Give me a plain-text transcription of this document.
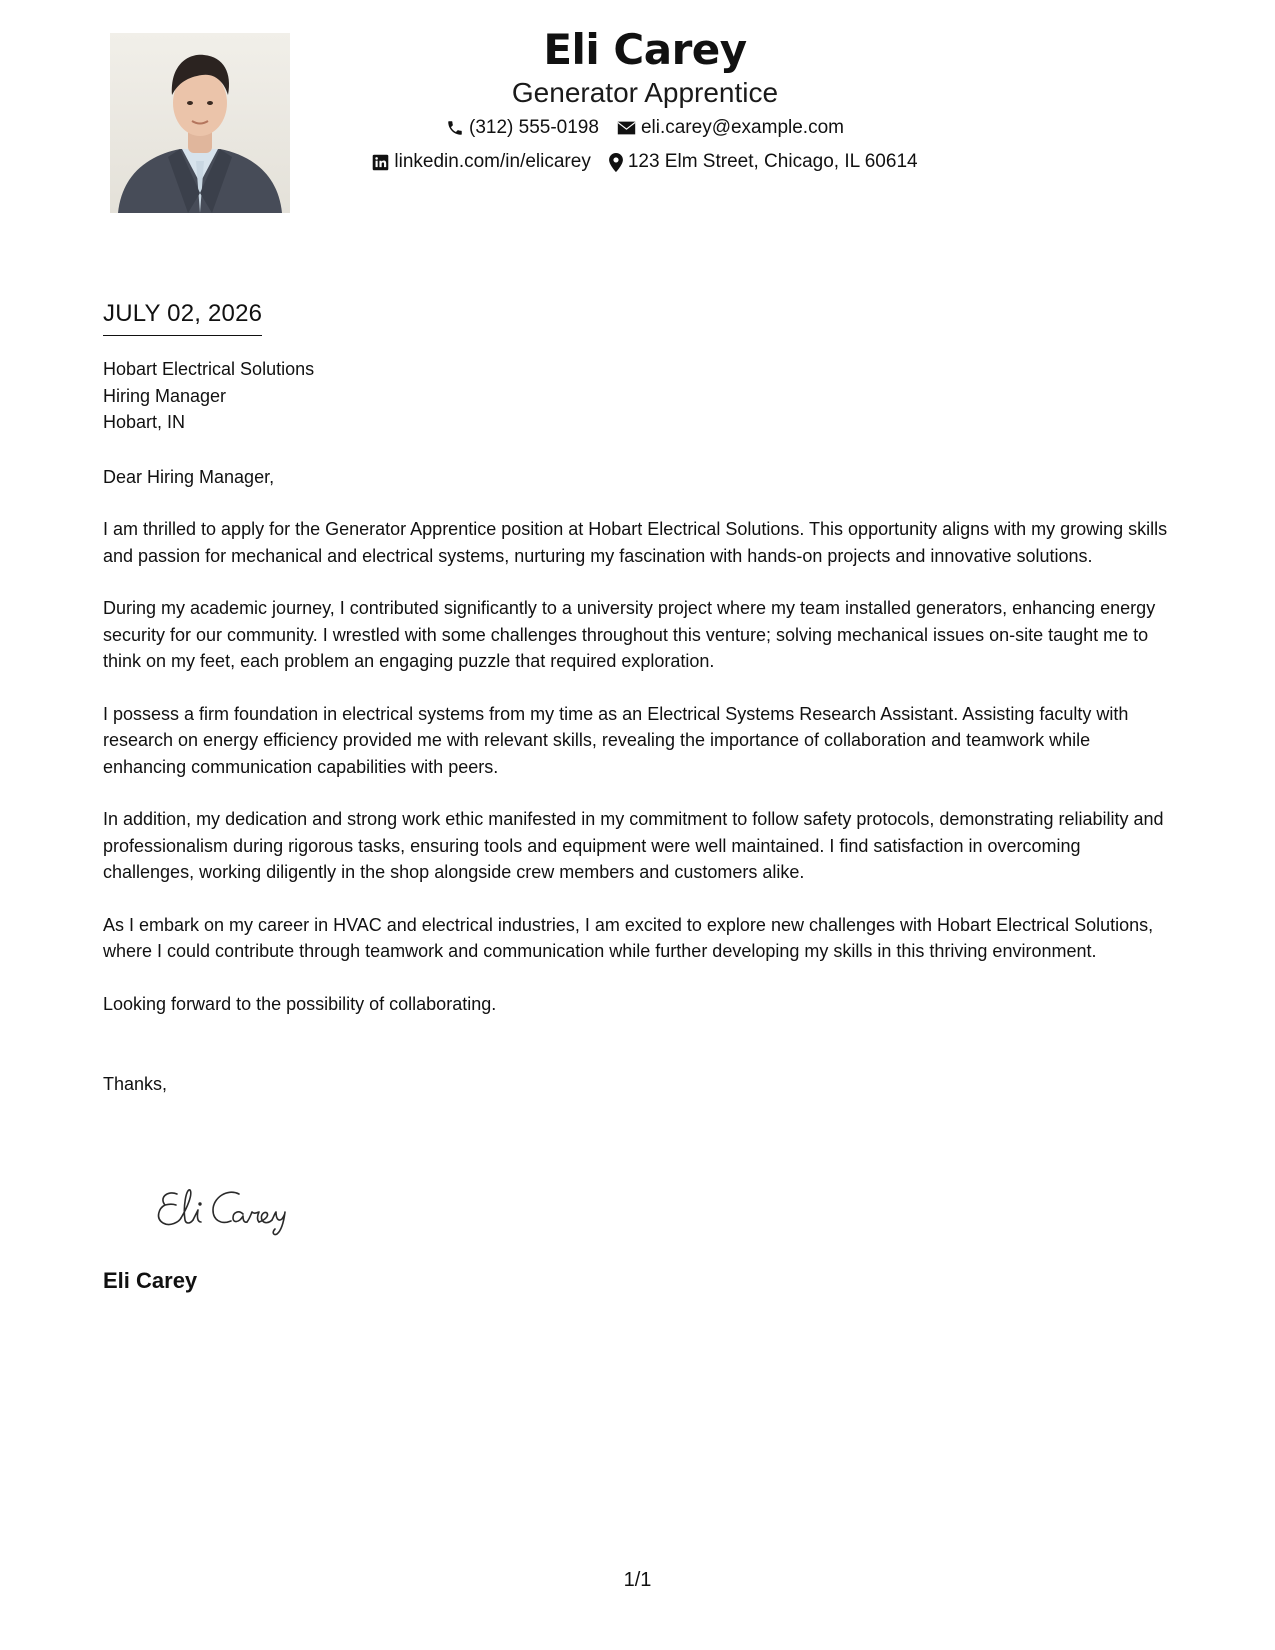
Eli Carey
Generator Apprentice
(312) 555-0198 eli.carey@example.com
linkedin.com/in/elicarey 123 Elm Street, Chicago, IL 60614
JULY 02, 2026
Hobart Electrical Solutions
Hiring Manager
Hobart, IN
Dear Hiring Manager,

I am thrilled to apply for the Generator Apprentice position at Hobart Electrical Solutions. This opportunity aligns with my growing skills and passion for mechanical and electrical systems, nurturing my fascination with hands-on projects and innovative solutions.

During my academic journey, I contributed significantly to a university project where my team installed generators, enhancing energy security for our community. I wrestled with some challenges throughout this venture; solving mechanical issues on-site taught me to think on my feet, each problem an engaging puzzle that required exploration.

I possess a firm foundation in electrical systems from my time as an Electrical Systems Research Assistant. Assisting faculty with research on energy efficiency provided me with relevant skills, revealing the importance of collaboration and teamwork while enhancing communication capabilities with peers.

In addition, my dedication and strong work ethic manifested in my commitment to follow safety protocols, demonstrating reliability and professionalism during rigorous tasks, ensuring tools and equipment were well maintained. I find satisfaction in overcoming challenges, working diligently in the shop alongside crew members and customers alike.

As I embark on my career in HVAC and electrical industries, I am excited to explore new challenges with Hobart Electrical Solutions, where I could contribute through teamwork and communication while further developing my skills in this thriving environment.

Looking forward to the possibility of collaborating.
Thanks,
Eli Carey
1/1
